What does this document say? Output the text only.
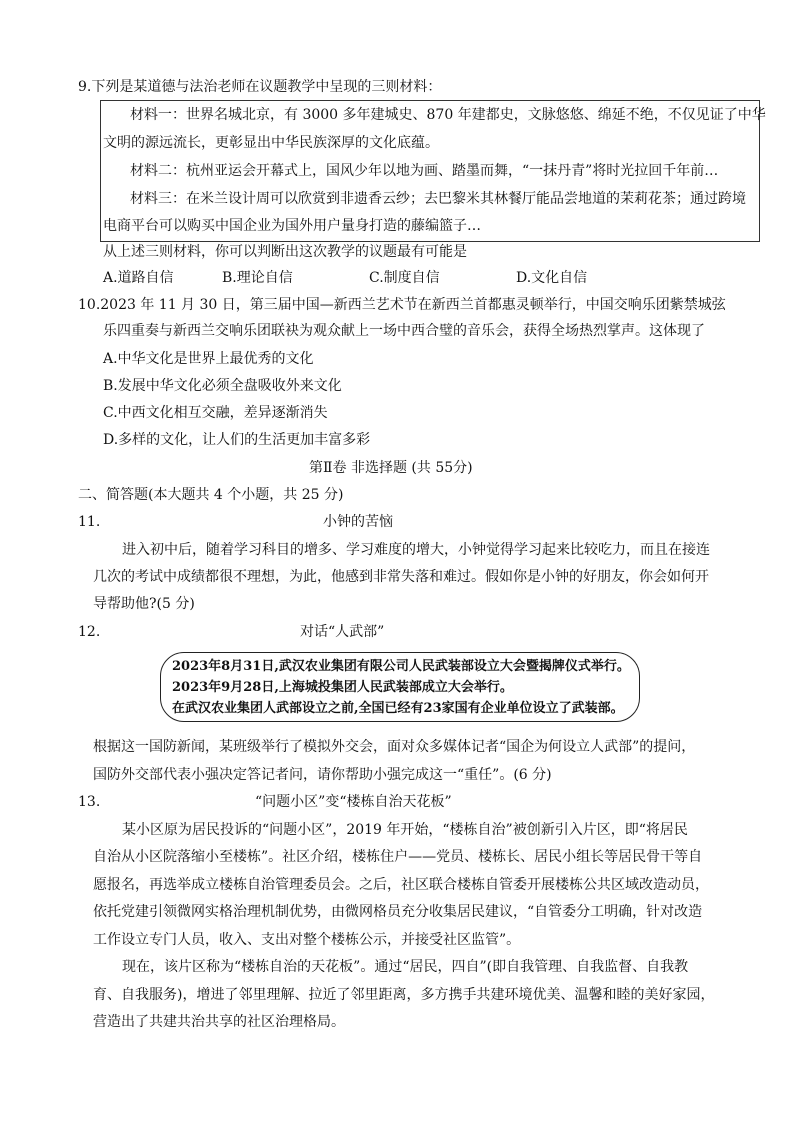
9.下列是某道德与法治老师在议题教学中呈现的三则材料：
材料一：世界名城北京，有 3000 多年建城史、870 年建都史，文脉悠悠、绵延不绝，不仅见证了中华
文明的源远流长，更彰显出中华民族深厚的文化底蕴。
材料二：杭州亚运会开幕式上，国风少年以地为画、踏墨而舞，“一抹丹青”将时光拉回千年前…
材料三：在米兰设计周可以欣赏到非遗香云纱；去巴黎米其林餐厅能品尝地道的茉莉花茶；通过跨境
电商平台可以购买中国企业为国外用户量身打造的藤编篮子…
从上述三则材料，你可以判断出这次教学的议题最有可能是
A.道路自信	B.理论自信	C.制度自信	D.文化自信
10.2023 年 11 月 30 日，第三届中国—新西兰艺术节在新西兰首都惠灵顿举行，中国交响乐团紫禁城弦
乐四重奏与新西兰交响乐团联袂为观众献上一场中西合璧的音乐会，获得全场热烈掌声。这体现了
A.中华文化是世界上最优秀的文化
B.发展中华文化必须全盘吸收外来文化
C.中西文化相互交融，差异逐渐消失
D.多样的文化，让人们的生活更加丰富多彩
第Ⅱ卷 非选择题 (共 55分)
二、简答题(本大题共 4 个小题，共 25 分)
11.	小钟的苦恼
进入初中后，随着学习科目的增多、学习难度的增大，小钟觉得学习起来比较吃力，而且在接连
几次的考试中成绩都很不理想，为此，他感到非常失落和难过。假如你是小钟的好朋友，你会如何开
导帮助他?(5 分)
12.	对话“人武部”
2023年8月31日,武汉农业集团有限公司人民武装部设立大会暨揭牌仪式举行。
2023年9月28日,上海城投集团人民武装部成立大会举行。
在武汉农业集团人武部设立之前,全国已经有23家国有企业单位设立了武装部。
根据这一国防新闻，某班级举行了模拟外交会，面对众多媒体记者“国企为何设立人武部”的提问，
国防外交部代表小强决定答记者问，请你帮助小强完成这一“重任”。(6 分)
13.	“问题小区”变“楼栋自治天花板”
某小区原为居民投诉的“问题小区”，2019 年开始，“楼栋自治”被创新引入片区，即“将居民
自治从小区院落缩小至楼栋”。社区介绍，楼栋住户——党员、楼栋长、居民小组长等居民骨干等自
愿报名，再选举成立楼栋自治管理委员会。之后，社区联合楼栋自管委开展楼栋公共区域改造动员，
依托党建引领微网实格治理机制优势，由微网格员充分收集居民建议，“自管委分工明确，针对改造
工作设立专门人员，收入、支出对整个楼栋公示，并接受社区监管”。
现在，该片区称为“楼栋自治的天花板”。通过“居民，四自”(即自我管理、自我监督、自我教
育、自我服务)，增进了邻里理解、拉近了邻里距离，多方携手共建环境优美、温馨和睦的美好家园，
营造出了共建共治共享的社区治理格局。
